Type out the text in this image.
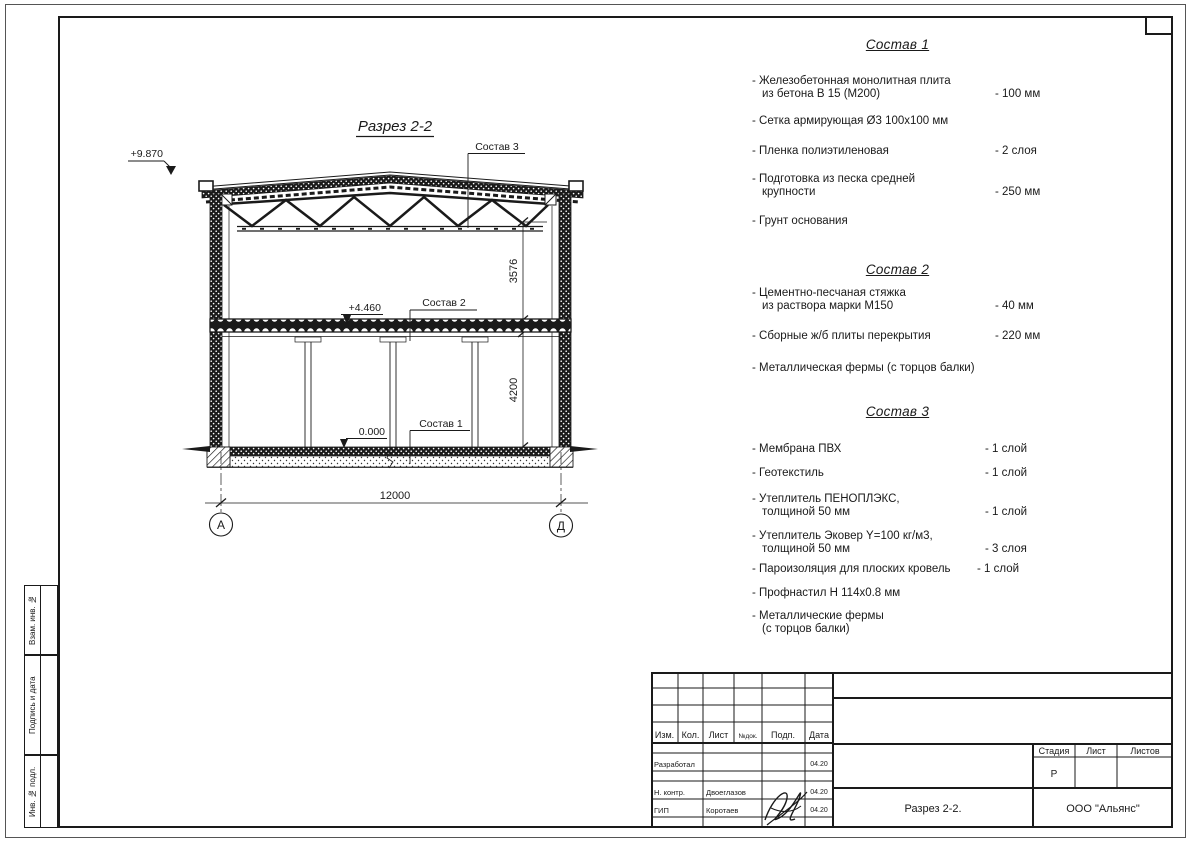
Взам. инв. №
Подпись и дата
Инв. № подл.
Разрез 2-2
+9.870
3576
4200
Состав 3
Состав 2
Состав 1
+4.460
0.000
12000
А	Д
Состав 1
- Железобетонная монолитная плита
из бетона В 15 (М200)	- 100 мм
- Сетка армирующая Ø3 100х100 мм
- Пленка полиэтиленовая	- 2 слоя
- Подготовка из песка средней
крупности	- 250 мм
- Грунт основания
Состав 2
- Цементно-песчаная стяжка
из раствора марки М150	- 40 мм
- Сборные ж/б плиты перекрытия	- 220 мм
- Металлическая фермы (с торцов балки)
Состав 3
- Мембрана ПВХ	- 1 слой
- Геотекстиль	- 1 слой
- Утеплитель ПЕНОПЛЭКС,
толщиной 50 мм	- 1 слой
- Утеплитель Эковер Y=100 кг/м3,
толщиной 50 мм	- 3 слоя
- Пароизоляция для плоских кровель - 1 слой
- Профнастил Н 114х0.8 мм
- Металлические фермы
(с торцов балки)
Изм. Кол. Лист №док. Подп. Дата
Разработал	04.20
Н. контр.	Двоеглазов	04.20
ГИП	Коротаев	04.20
Стадия Лист	Листов
Р
Разрез 2-2.	ООО "Альянс"
